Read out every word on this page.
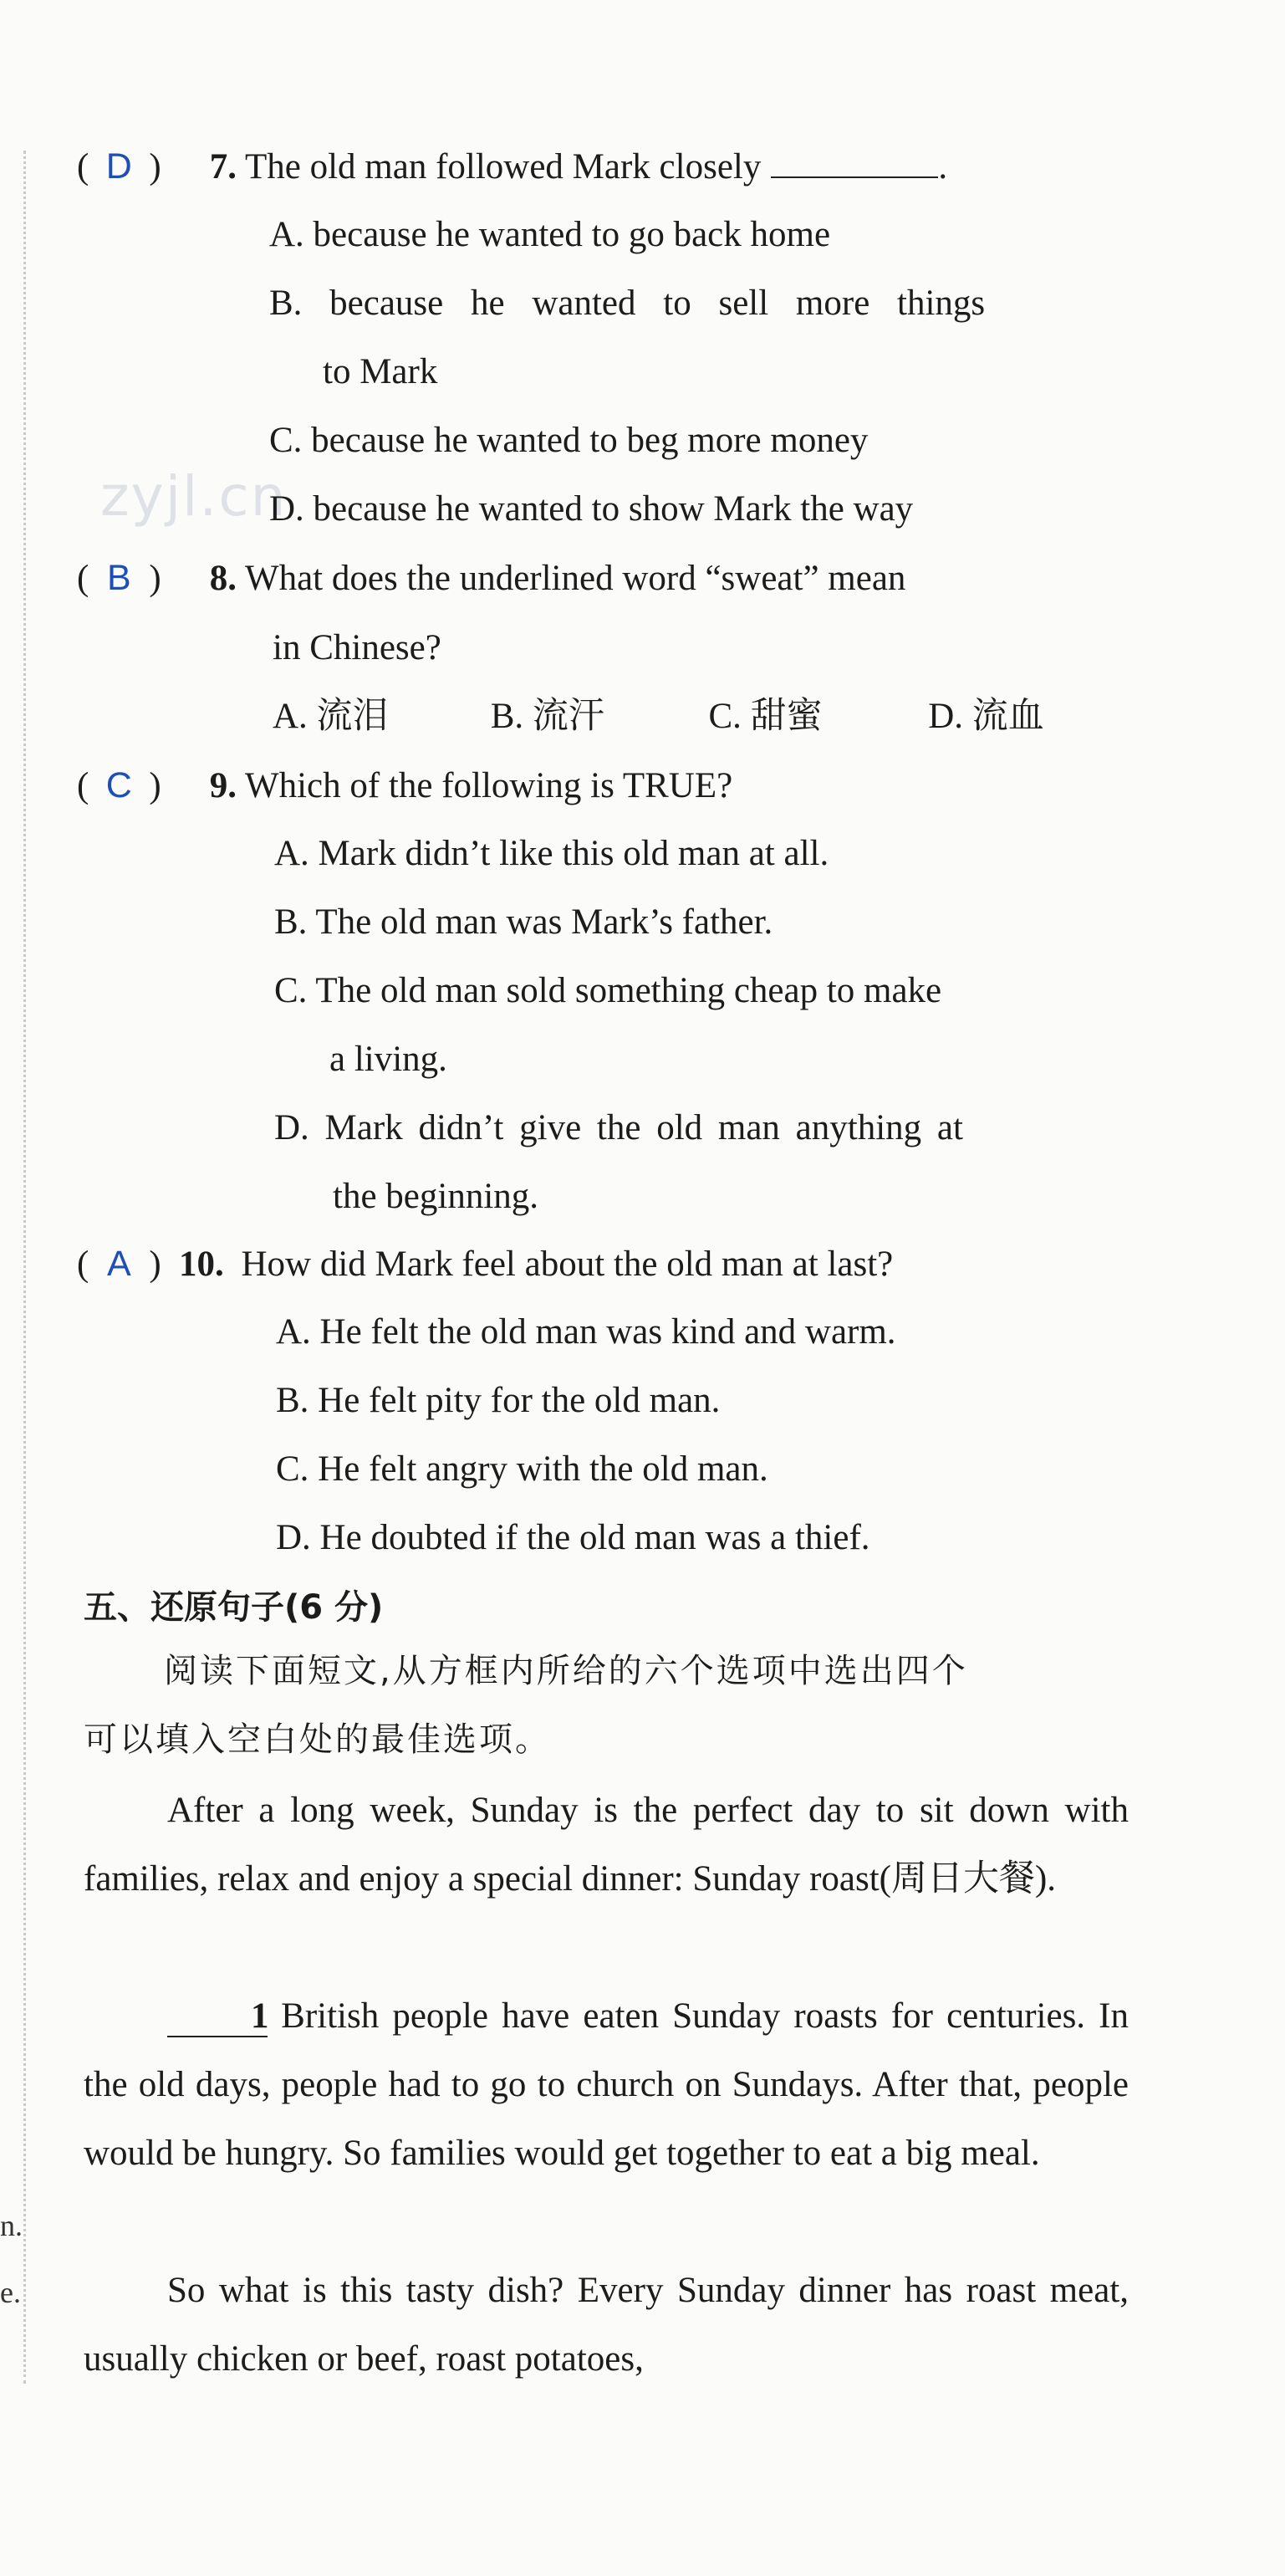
n.
e.
zyjl.cn
( D ) 7. The old man followed Mark closely	.
A. because he wanted to go back home
B. because he wanted to sell more things
to Mark
C. because he wanted to beg more money
D. because he wanted to show Mark the way
( B ) 8. What does the underlined word “sweat” mean
in Chinese?
A. 流泪	B. 流汗	C. 甜蜜	D. 流血
( C ) 9. Which of the following is TRUE?
A. Mark didn’t like this old man at all.
B. The old man was Mark’s father.
C. The old man sold something cheap to make
a living.
D. Mark didn’t give the old man anything at
the beginning.
( A ) 10. How did Mark feel about the old man at last?
A. He felt the old man was kind and warm.
B. He felt pity for the old man.
C. He felt angry with the old man.
D. He doubted if the old man was a thief.
五、还原句子(6 分)
阅读下面短文,从方框内所给的六个选项中选出四个
可以填入空白处的最佳选项。
After a long week, Sunday is the perfect day to sit down with families, relax and enjoy a special dinner: Sunday roast(周日大餐).
1 British people have eaten Sunday roasts for centuries. In the old days, people had to go to church on Sundays. After that, people would be hungry. So families would get together to eat a big meal.
So what is this tasty dish? Every Sunday dinner has roast meat, usually chicken or beef, roast potatoes,
